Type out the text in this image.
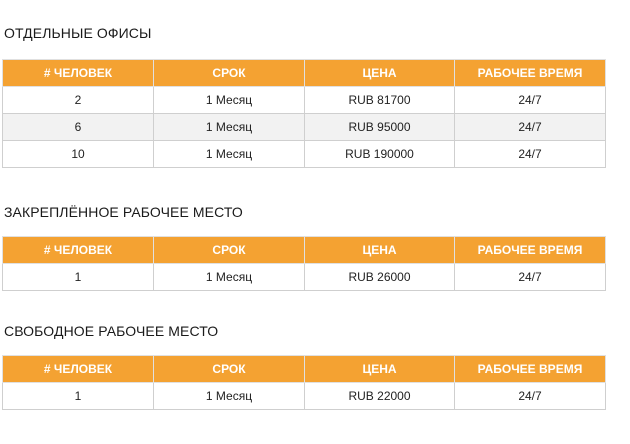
ОТДЕЛЬНЫЕ ОФИСЫ
# ЧЕЛОВЕК	СРОК	ЦЕНА	РАБОЧЕЕ ВРЕМЯ
2	1 Месяц	RUB 81700	24/7
6	1 Месяц	RUB 95000	24/7
10	1 Месяц	RUB 190000	24/7
ЗАКРЕПЛЁННОЕ РАБОЧЕЕ МЕСТО
# ЧЕЛОВЕК	СРОК	ЦЕНА	РАБОЧЕЕ ВРЕМЯ
1	1 Месяц	RUB 26000	24/7
СВОБОДНОЕ РАБОЧЕЕ МЕСТО
# ЧЕЛОВЕК	СРОК	ЦЕНА	РАБОЧЕЕ ВРЕМЯ
1	1 Месяц	RUB 22000	24/7
